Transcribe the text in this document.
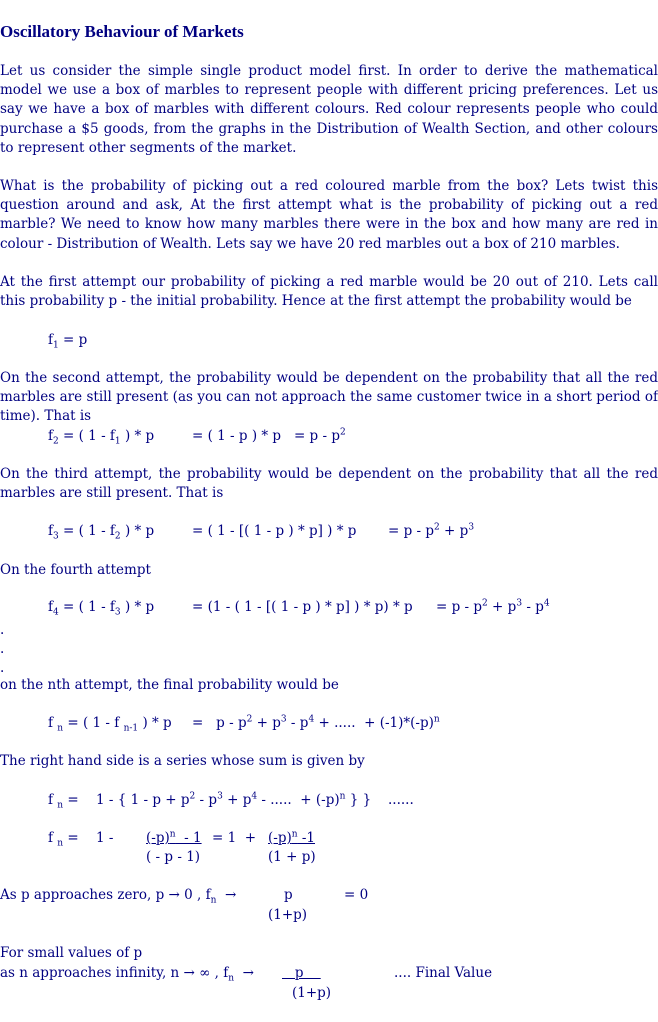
Oscillatory Behaviour of Markets
Let us consider the simple single product model first. In order to derive the mathematical model we use a box of marbles to represent people with different pricing preferences. Let us say we have a box of marbles with different colours. Red colour represents people who could purchase a $5 goods, from the graphs in the Distribution of Wealth Section, and other colours to represent other segments of the market.
What is the probability of picking out a red coloured marble from the box? Lets twist this question around and ask, At the first attempt what is the probability of picking out a red marble? We need to know how many marbles there were in the box and how many are red in colour - Distribution of Wealth. Lets say we have 20 red marbles out a box of 210 marbles.
At the first attempt our probability of picking a red marble would be 20 out of 210. Lets call this probability p - the initial probability. Hence at the first attempt the probability would be
$f_1 = p$
On the second attempt, the probability would be dependent on the probability that all the red marbles are still present (as you can not approach the same customer twice in a short period of time). That is
$f_2$ = ( $1 - f_1$ ) * p	= ( 1 - p ) * $p = p - p^2$
On the third attempt, the probability would be dependent on the probability that all the red marbles are still present. That is
$f_3$ = ( $1 - f_2$ ) * p	= ( 1 - [( 1 - p ) * p] ) * $p = p - p^2 + p^3$
On the fourth attempt
$f_4$ = ( $1 - f_3$ ) * p	= (1 - ( 1 - [( 1 - p ) * p] ) * $p) * p = p - p^2 + p^3 - p^4$
.
.
.
on the nth attempt, the final probability would be
f $_n$ = ( 1 - f $_{n-1}$ ) * $p = p - p^2 + p^3 - p^4$ + .....  + $(-1)*(-p)^n$
The right hand side is a series whose sum is given by
f $_n$ = 1 - { $1 - p + p^2 - p^3 + p^4$ - .....  + $(-p)^n$ } } ......
f $_n = 1 - (-p)^n - 1$
( - p - 1)
= $1 + (-p)^n$ -1
(1 + p)
As p approaches zero, p → 0 , $f_n$  →	p
(1+p)
= 0
For small values of p
as n approaches infinity, n → ∞ , $f_n \to p$
(1+p)
.... Final Value
